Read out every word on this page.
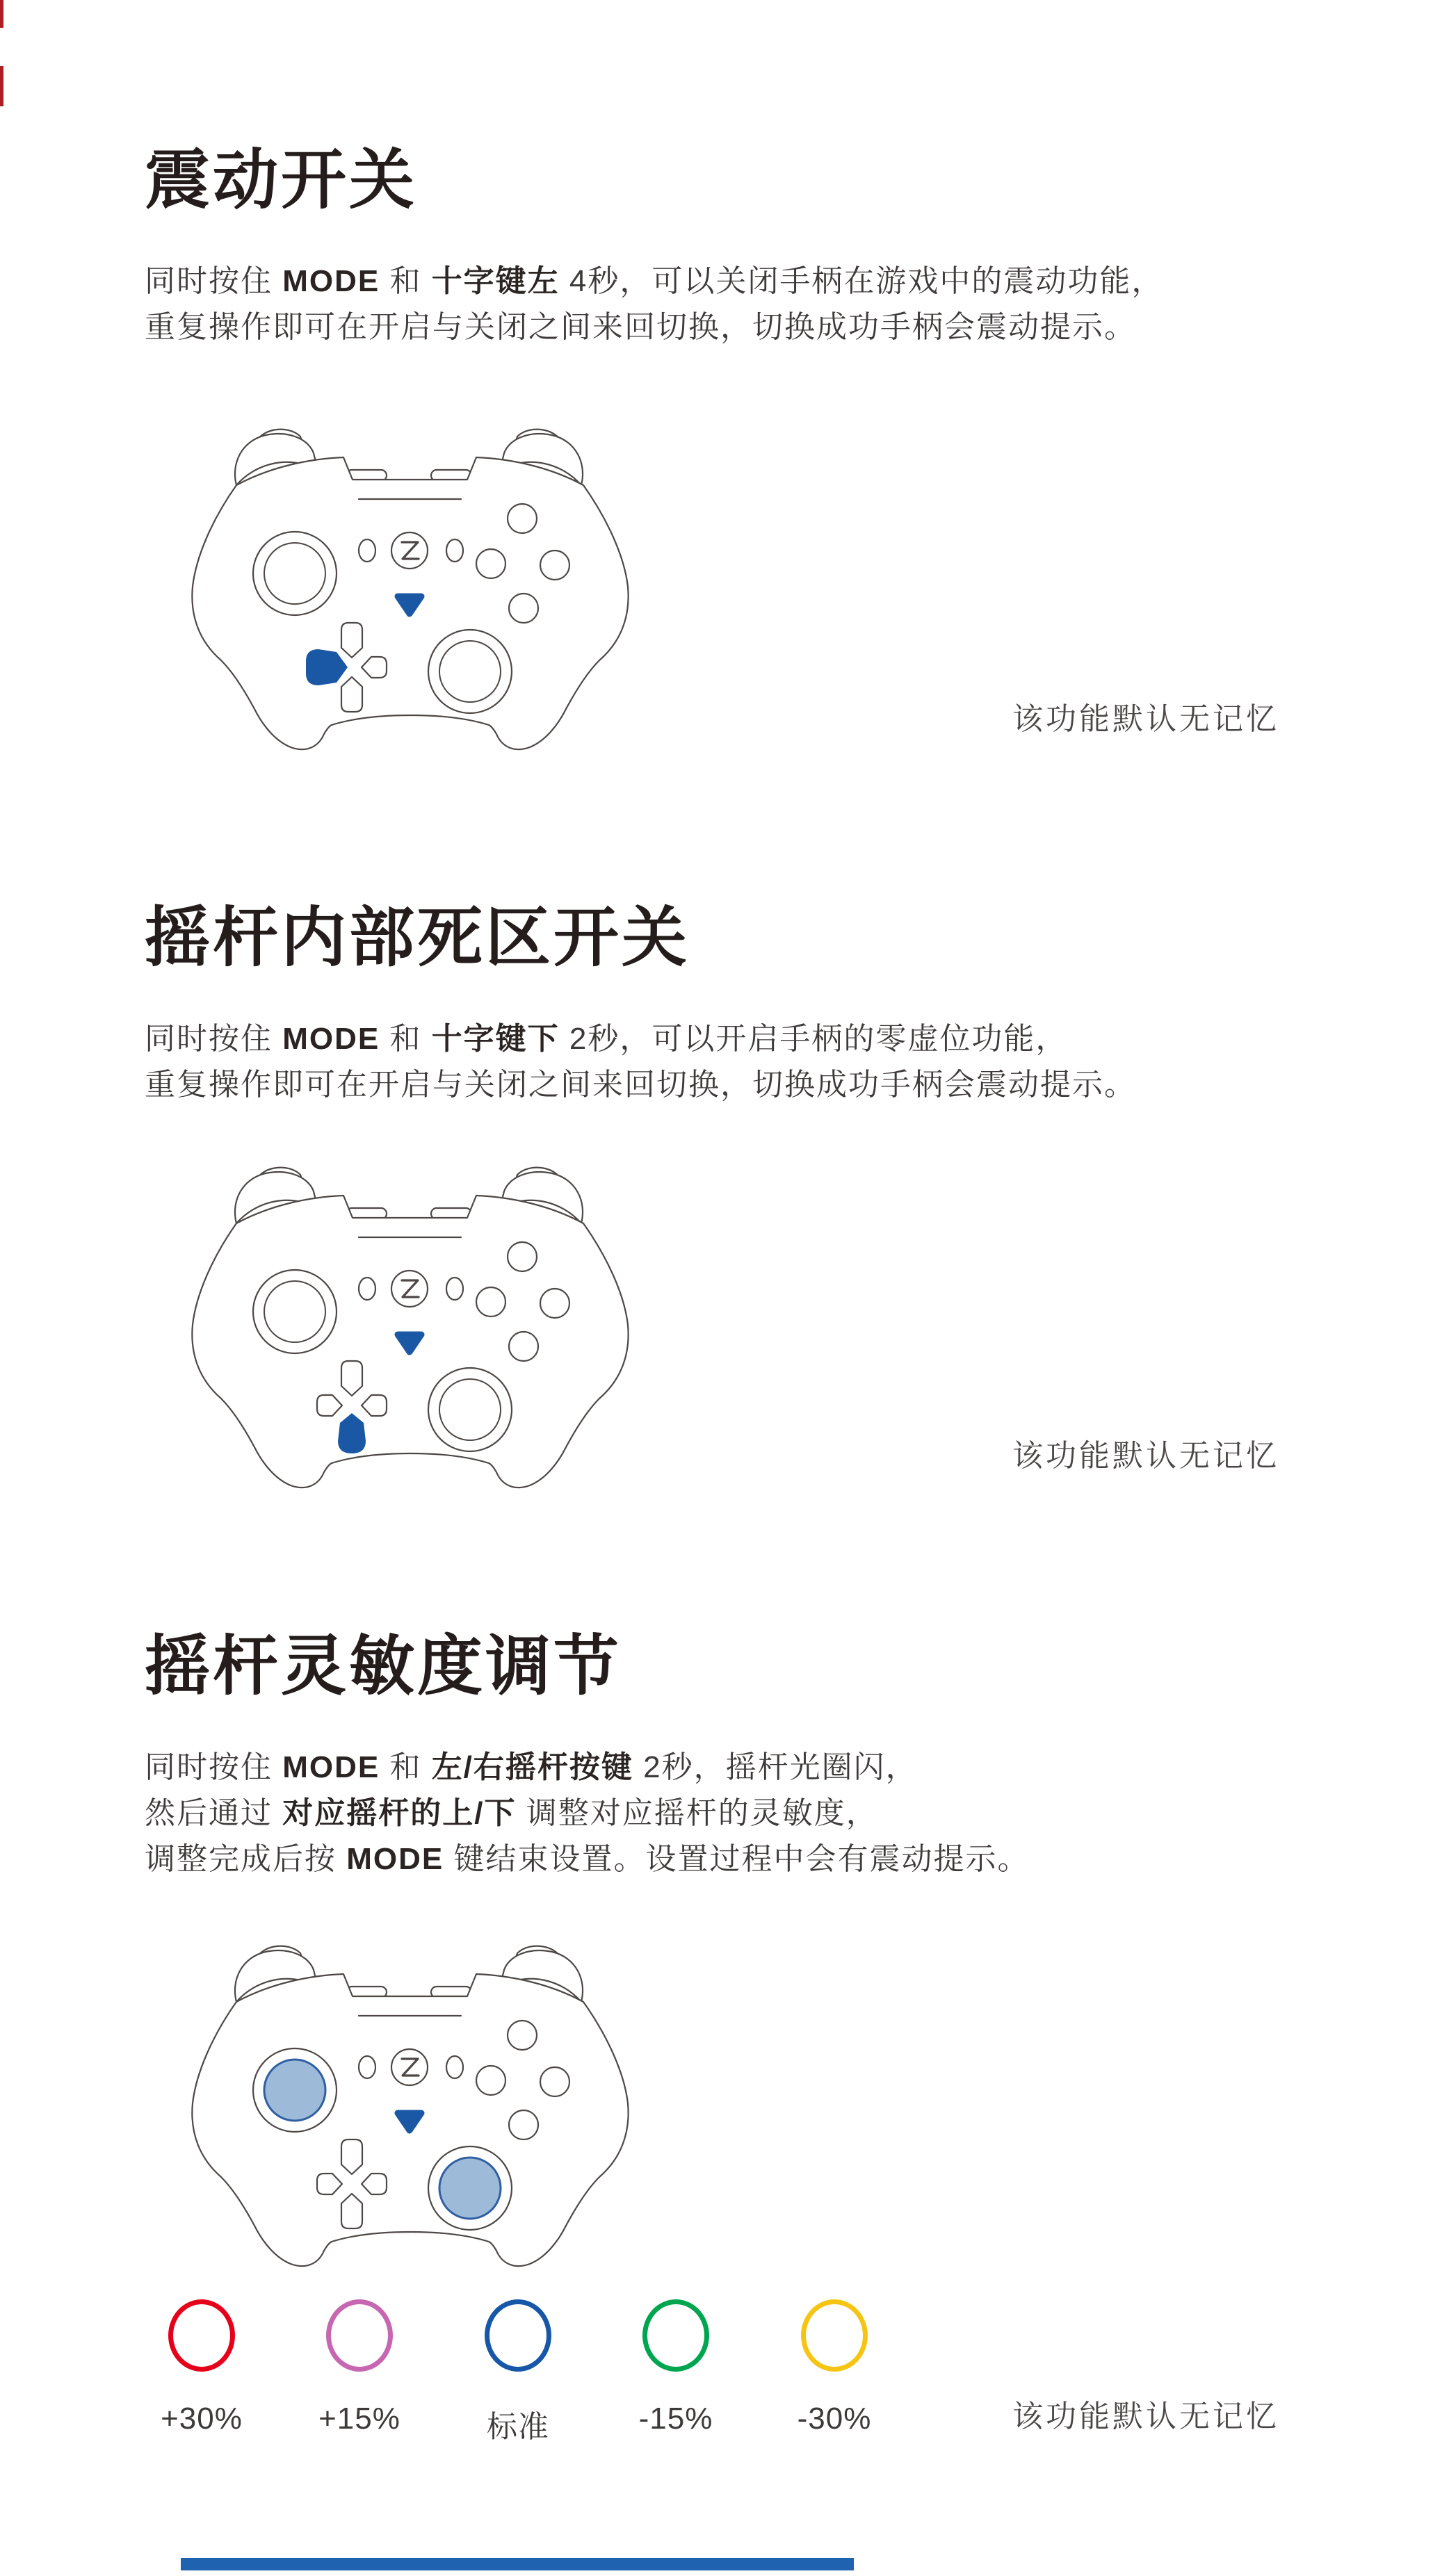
震动开关

同时按住 MODE 和 十字键左 4秒，可以关闭手柄在游戏中的震动功能，

重复操作即可在开启与关闭之间来回切换，切换成功手柄会震动提示。

该功能默认无记忆

摇杆内部死区开关

同时按住 MODE 和 十字键下 2秒，可以开启手柄的零虚位功能，

重复操作即可在开启与关闭之间来回切换，切换成功手柄会震动提示。

该功能默认无记忆

摇杆灵敏度调节

同时按住 MODE 和 左/右摇杆按键 2秒，摇杆光圈闪，

然后通过 对应摇杆的上/下 调整对应摇杆的灵敏度，

调整完成后按 MODE 键结束设置。设置过程中会有震动提示。

+30%	+15%	标准	-15%	-30%	该功能默认无记忆
